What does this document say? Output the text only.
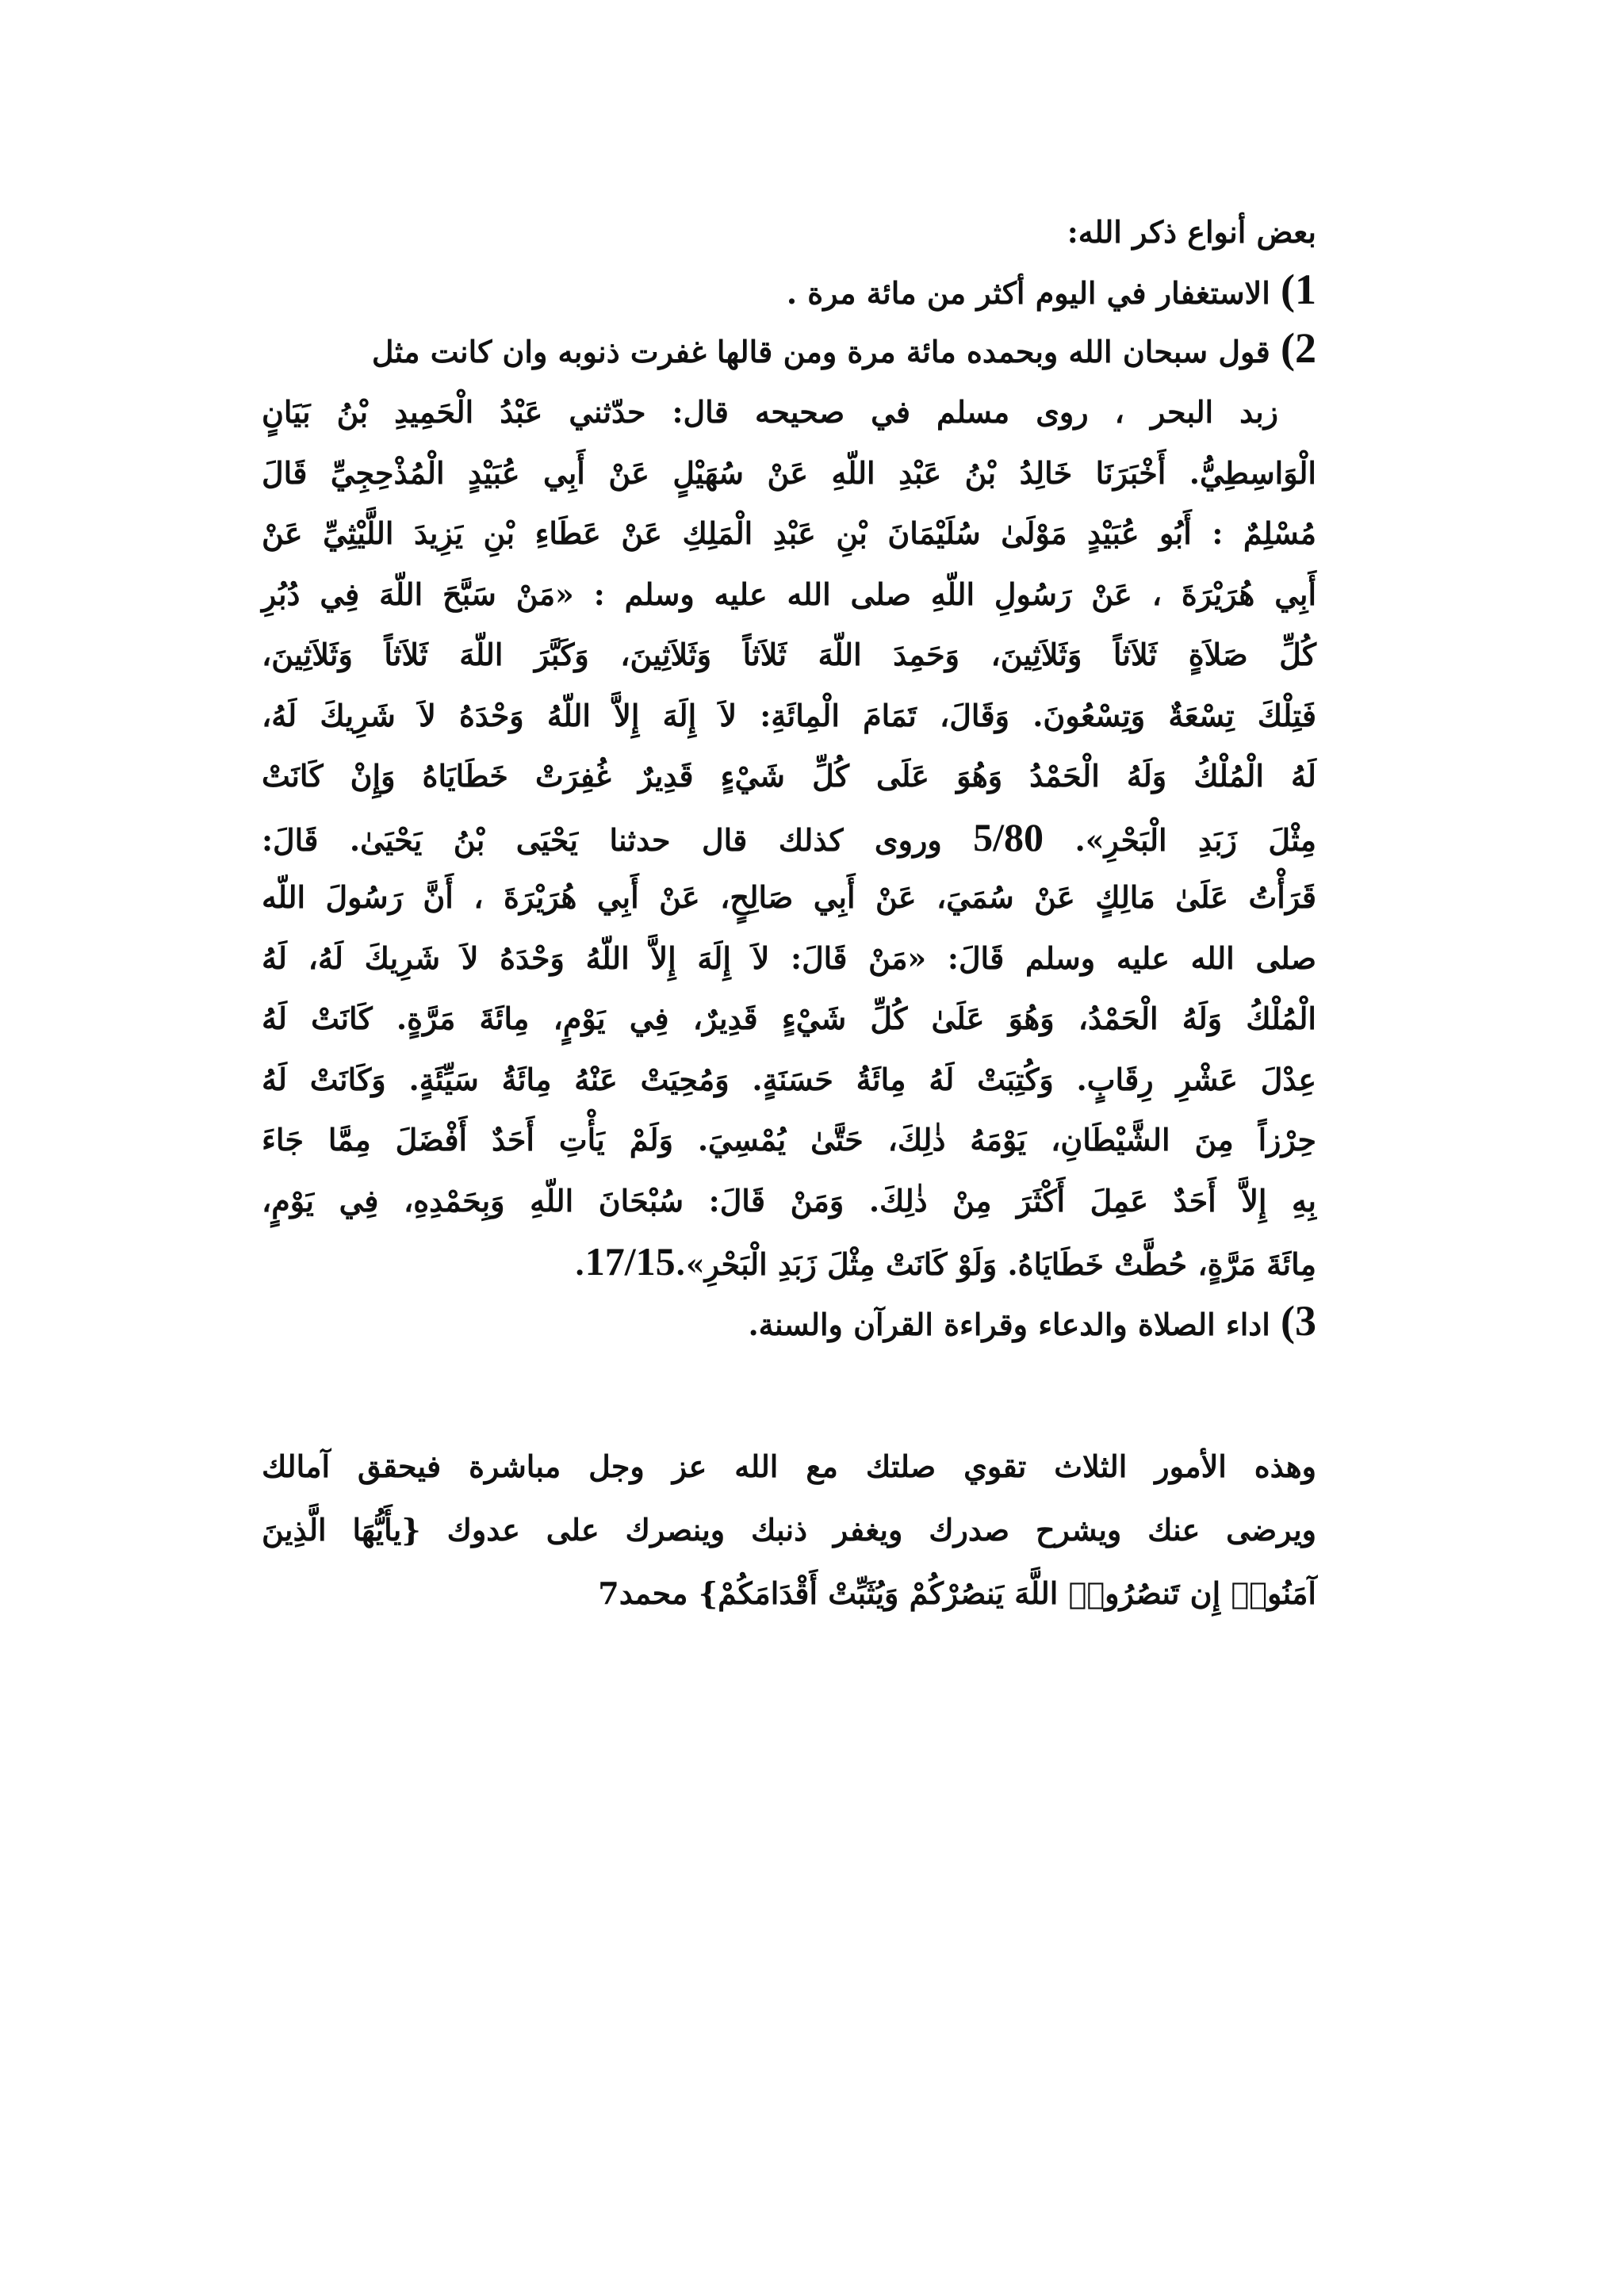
بعض أنواع ذكر الله:
1) الاستغفار في اليوم أكثر من مائة مرة .
2) قول سبحان الله وبحمده مائة مرة ومن قالها غفرت ذنوبه وان كانت مثل
زبد البحر ، روى مسلم في صحيحه قال: حدّثني عَبْدُ الْحَمِيدِ بْنُ بَيَانٍ
الْوَاسِطِيُّ. أَخْبَرَنَا خَالِدُ بْنُ عَبْدِ اللّهِ عَنْ سُهَيْلٍ عَنْ أَبِي عُبَيْدٍ الْمُذْحِجِيِّ قَالَ
مُسْلِمٌ : أَبُو عُبَيْدٍ مَوْلَىٰ سُلَيْمَانَ بْنِ عَبْدِ الْمَلِكِ عَنْ عَطَاءِ بْنِ يَزِيدَ اللَّيْثِيِّ عَنْ
أَبِي هُرَيْرَةَ ، عَنْ رَسُولِ اللّهِ صلى الله عليه وسلم : «مَنْ سَبَّحَ اللّهَ فِي دُبُرِ
كُلِّ صَلاَةٍ ثَلاَثاً وَثَلاَثِينَ، وَحَمِدَ اللّهَ ثَلاَثاً وَثَلاَثِينَ، وَكَبَّرَ اللّهَ ثَلاَثاً وَثَلاَثِينَ،
فَتِلْكَ تِسْعَةٌ وَتِسْعُونَ. وَقَالَ، تَمَامَ الْمِائَةِ: لاَ إِلَهَ إِلاَّ اللّهُ وَحْدَهُ لاَ شَرِيكَ لَهُ،
لَهُ الْمُلْكُ وَلَهُ الْحَمْدُ وَهُوَ عَلَى كُلِّ شَيْءٍ قَدِيرٌ غُفِرَتْ خَطَايَاهُ وَإِنْ كَانَتْ
مِثْلَ زَبَدِ الْبَحْرِ». 5/80 وروى كذلك قال حدثنا يَحْيَى بْنُ يَحْيَىٰ. قَالَ:
قَرَأْتُ عَلَىٰ مَالِكٍ عَنْ سُمَيَ، عَنْ أَبِي صَالِحٍ، عَنْ أَبِي هُرَيْرَةَ ، أَنَّ رَسُولَ اللّه
صلى الله عليه وسلم قَالَ: «مَنْ قَالَ: لاَ إِلَهَ إِلاَّ اللّهُ وَحْدَهُ لاَ شَرِيكَ لَهُ، لَهُ
الْمُلْكُ وَلَهُ الْحَمْدُ، وَهُوَ عَلَىٰ كُلِّ شَيْءٍ قَدِيرٌ، فِي يَوْمٍ، مِائَةَ مَرَّةٍ. كَانَتْ لَهُ
عِدْلَ عَشْرِ رِقَابٍ. وَكُتِبَتْ لَهُ مِائَةُ حَسَنَةٍ. وَمُحِيَتْ عَنْهُ مِائَةُ سَيِّئَةٍ. وَكَانَتْ لَهُ
حِرْزاً مِنَ الشَّيْطَانِ، يَوْمَهُ ذٰلِكَ، حَتَّىٰ يُمْسِيَ. وَلَمْ يَأْتِ أَحَدٌ أَفْضَلَ مِمَّا جَاءَ
بِهِ إِلاَّ أَحَدٌ عَمِلَ أَكْثَرَ مِنْ ذٰلِكَ. وَمَنْ قَالَ: سُبْحَانَ اللّهِ وَبِحَمْدِهِ، فِي يَوْمٍ،
مِائَةَ مَرَّةٍ، حُطَّتْ خَطَايَاهُ. وَلَوْ كَانَتْ مِثْلَ زَبَدِ الْبَحْرِ».17/15.
3) اداء الصلاة والدعاء وقراءة القرآن والسنة.
وهذه الأمور الثلاث تقوي صلتك مع الله عز وجل مباشرة فيحقق آمالك
ويرضى عنك ويشرح صدرك ويغفر ذنبك وينصرك على عدوك {يأَيُّهَا الَّذِينَ
آمَنُوا۟ إِن تَنصُرُوا۟ اللَّهَ يَنصُرْكُمْ وَيُثَبِّتْ أَقْدَامَكُمْ} محمد7
